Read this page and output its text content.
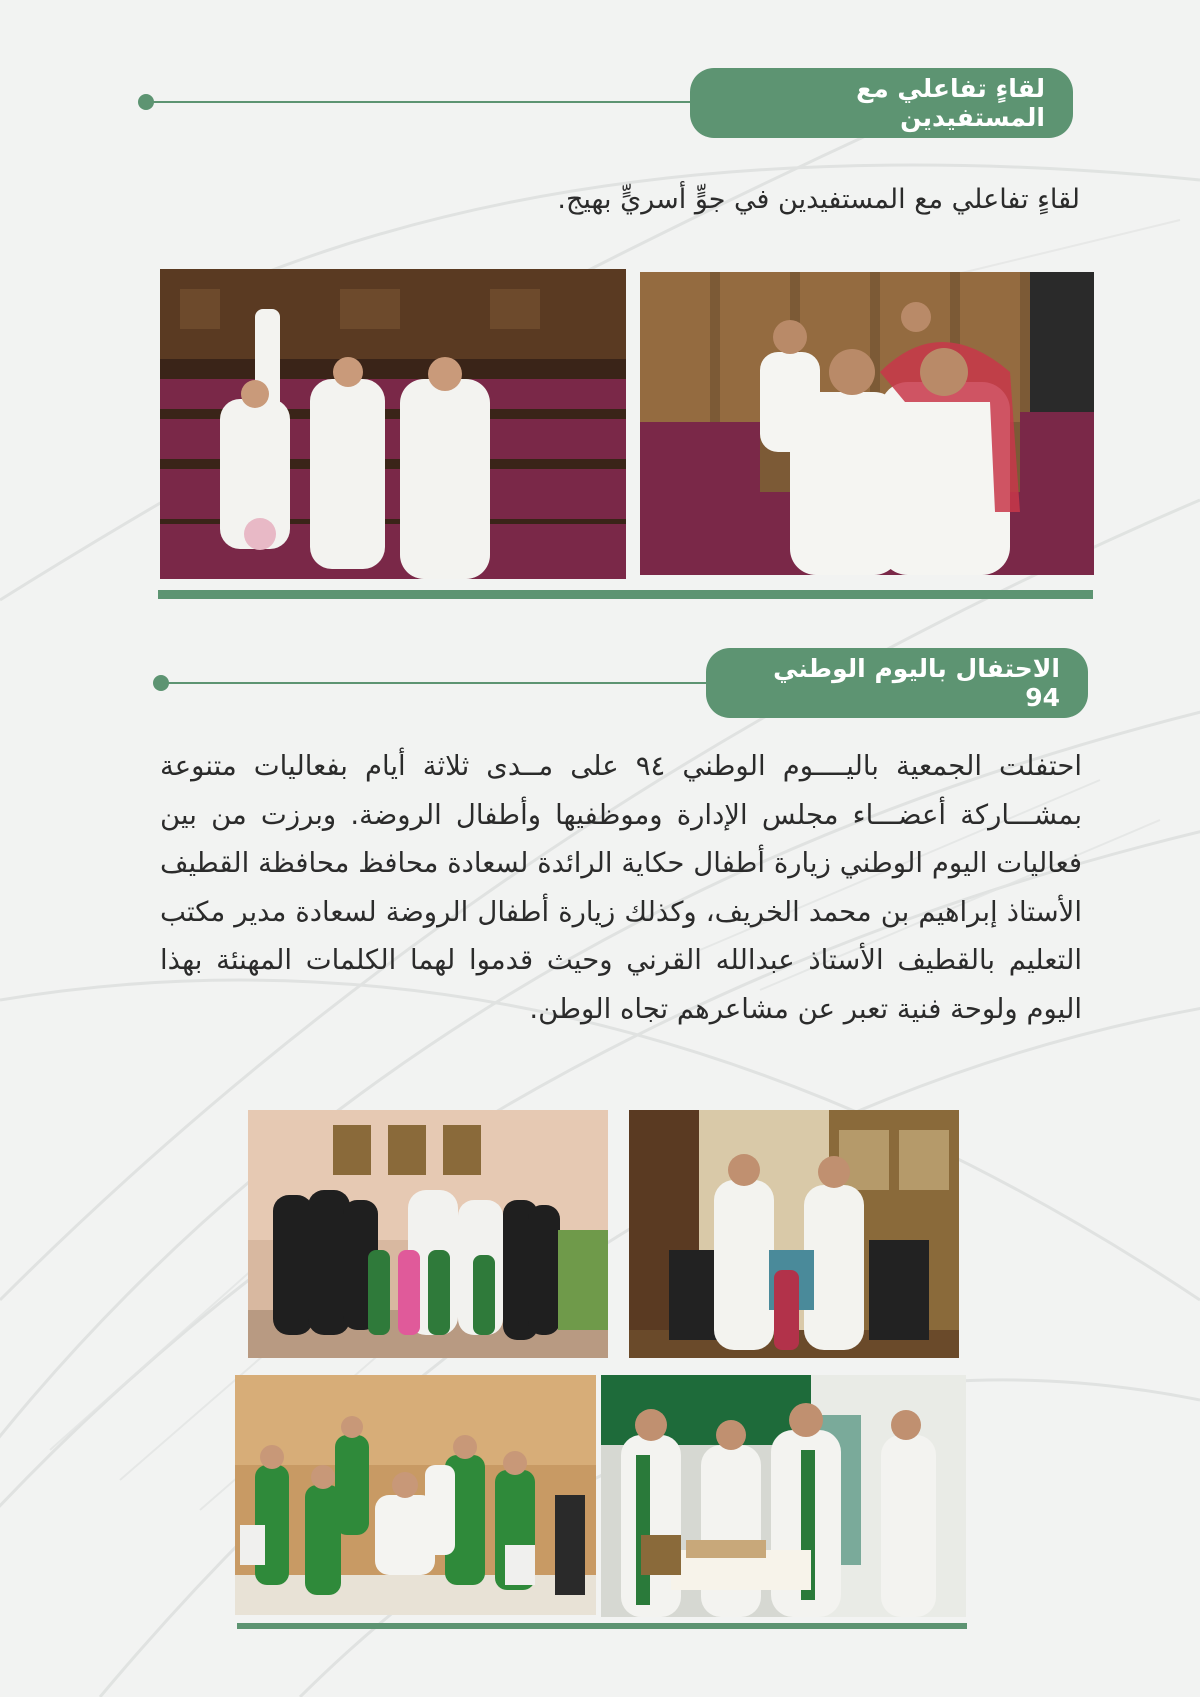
لقاءٍ تفاعلي مع المستفيدين
لقاءٍ تفاعلي مع المستفيدين في جوٍّ أسريٍّ بهيج.
الاحتفال باليوم الوطني 94
احتفلت الجمعية باليــــوم الوطني ٩٤ على مــدى ثلاثة أيام بفعاليات متنوعة بمشـــاركة أعضـــاء مجلس الإدارة وموظفيها وأطفال الروضة. وبرزت من بين فعاليات اليوم الوطني زيارة أطفال حكاية الرائدة لسعادة محافظ محافظة القطيف الأستاذ إبراهيم بن محمد الخريف، وكذلك زيارة أطفال الروضة لسعادة مدير مكتب التعليم بالقطيف الأستاذ عبدالله القرني وحيث قدموا لهما الكلمات المهنئة بهذا اليوم ولوحة فنية تعبر عن مشاعرهم تجاه الوطن.
